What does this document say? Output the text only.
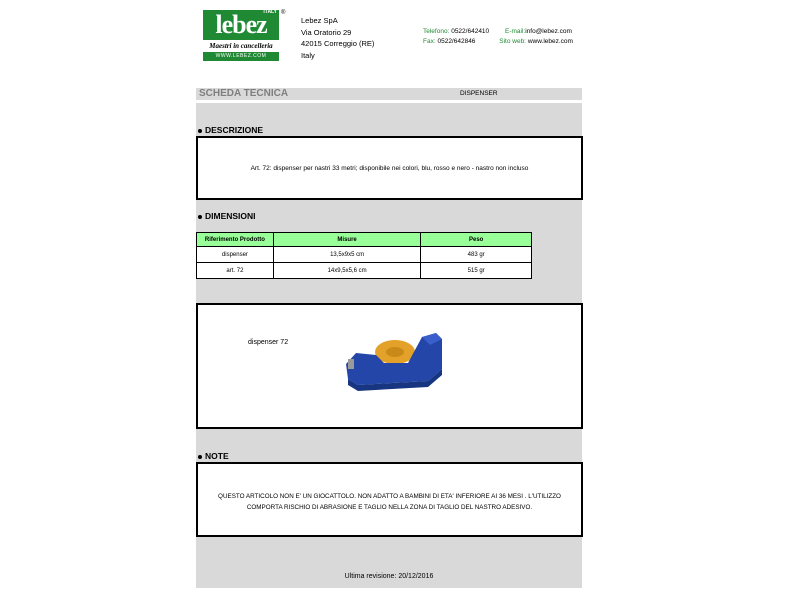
lebez
ITALY ®
Maestri in cancelleria
WWW.LEBEZ.COM
Lebez SpA
Via Oratorio 29
42015 Correggio (RE)
Italy
Telefono: 0522/642410 E-mail:info@lebez.com
Fax: 0522/642846	Sito web: www.lebez.com
SCHEDA TECNICA	DISPENSER
DESCRIZIONE
Art. 72: dispenser per nastri 33 metri; disponibile nei colori, blu, rosso e nero - nastro non incluso
DIMENSIONI
Riferimento Prodotto	Misure	Peso
dispenser	13,5x9x5 cm	483 gr
art. 72	14x9,5x5,6 cm	515 gr
dispenser 72
NOTE
QUESTO ARTICOLO NON E' UN GIOCATTOLO. NON ADATTO A BAMBINI DI ETA' INFERIORE AI 36 MESI . L'UTILIZZO COMPORTA RISCHIO DI ABRASIONE E TAGLIO NELLA ZONA DI TAGLIO DEL NASTRO ADESIVO.
Ultima revisione: 20/12/2016
